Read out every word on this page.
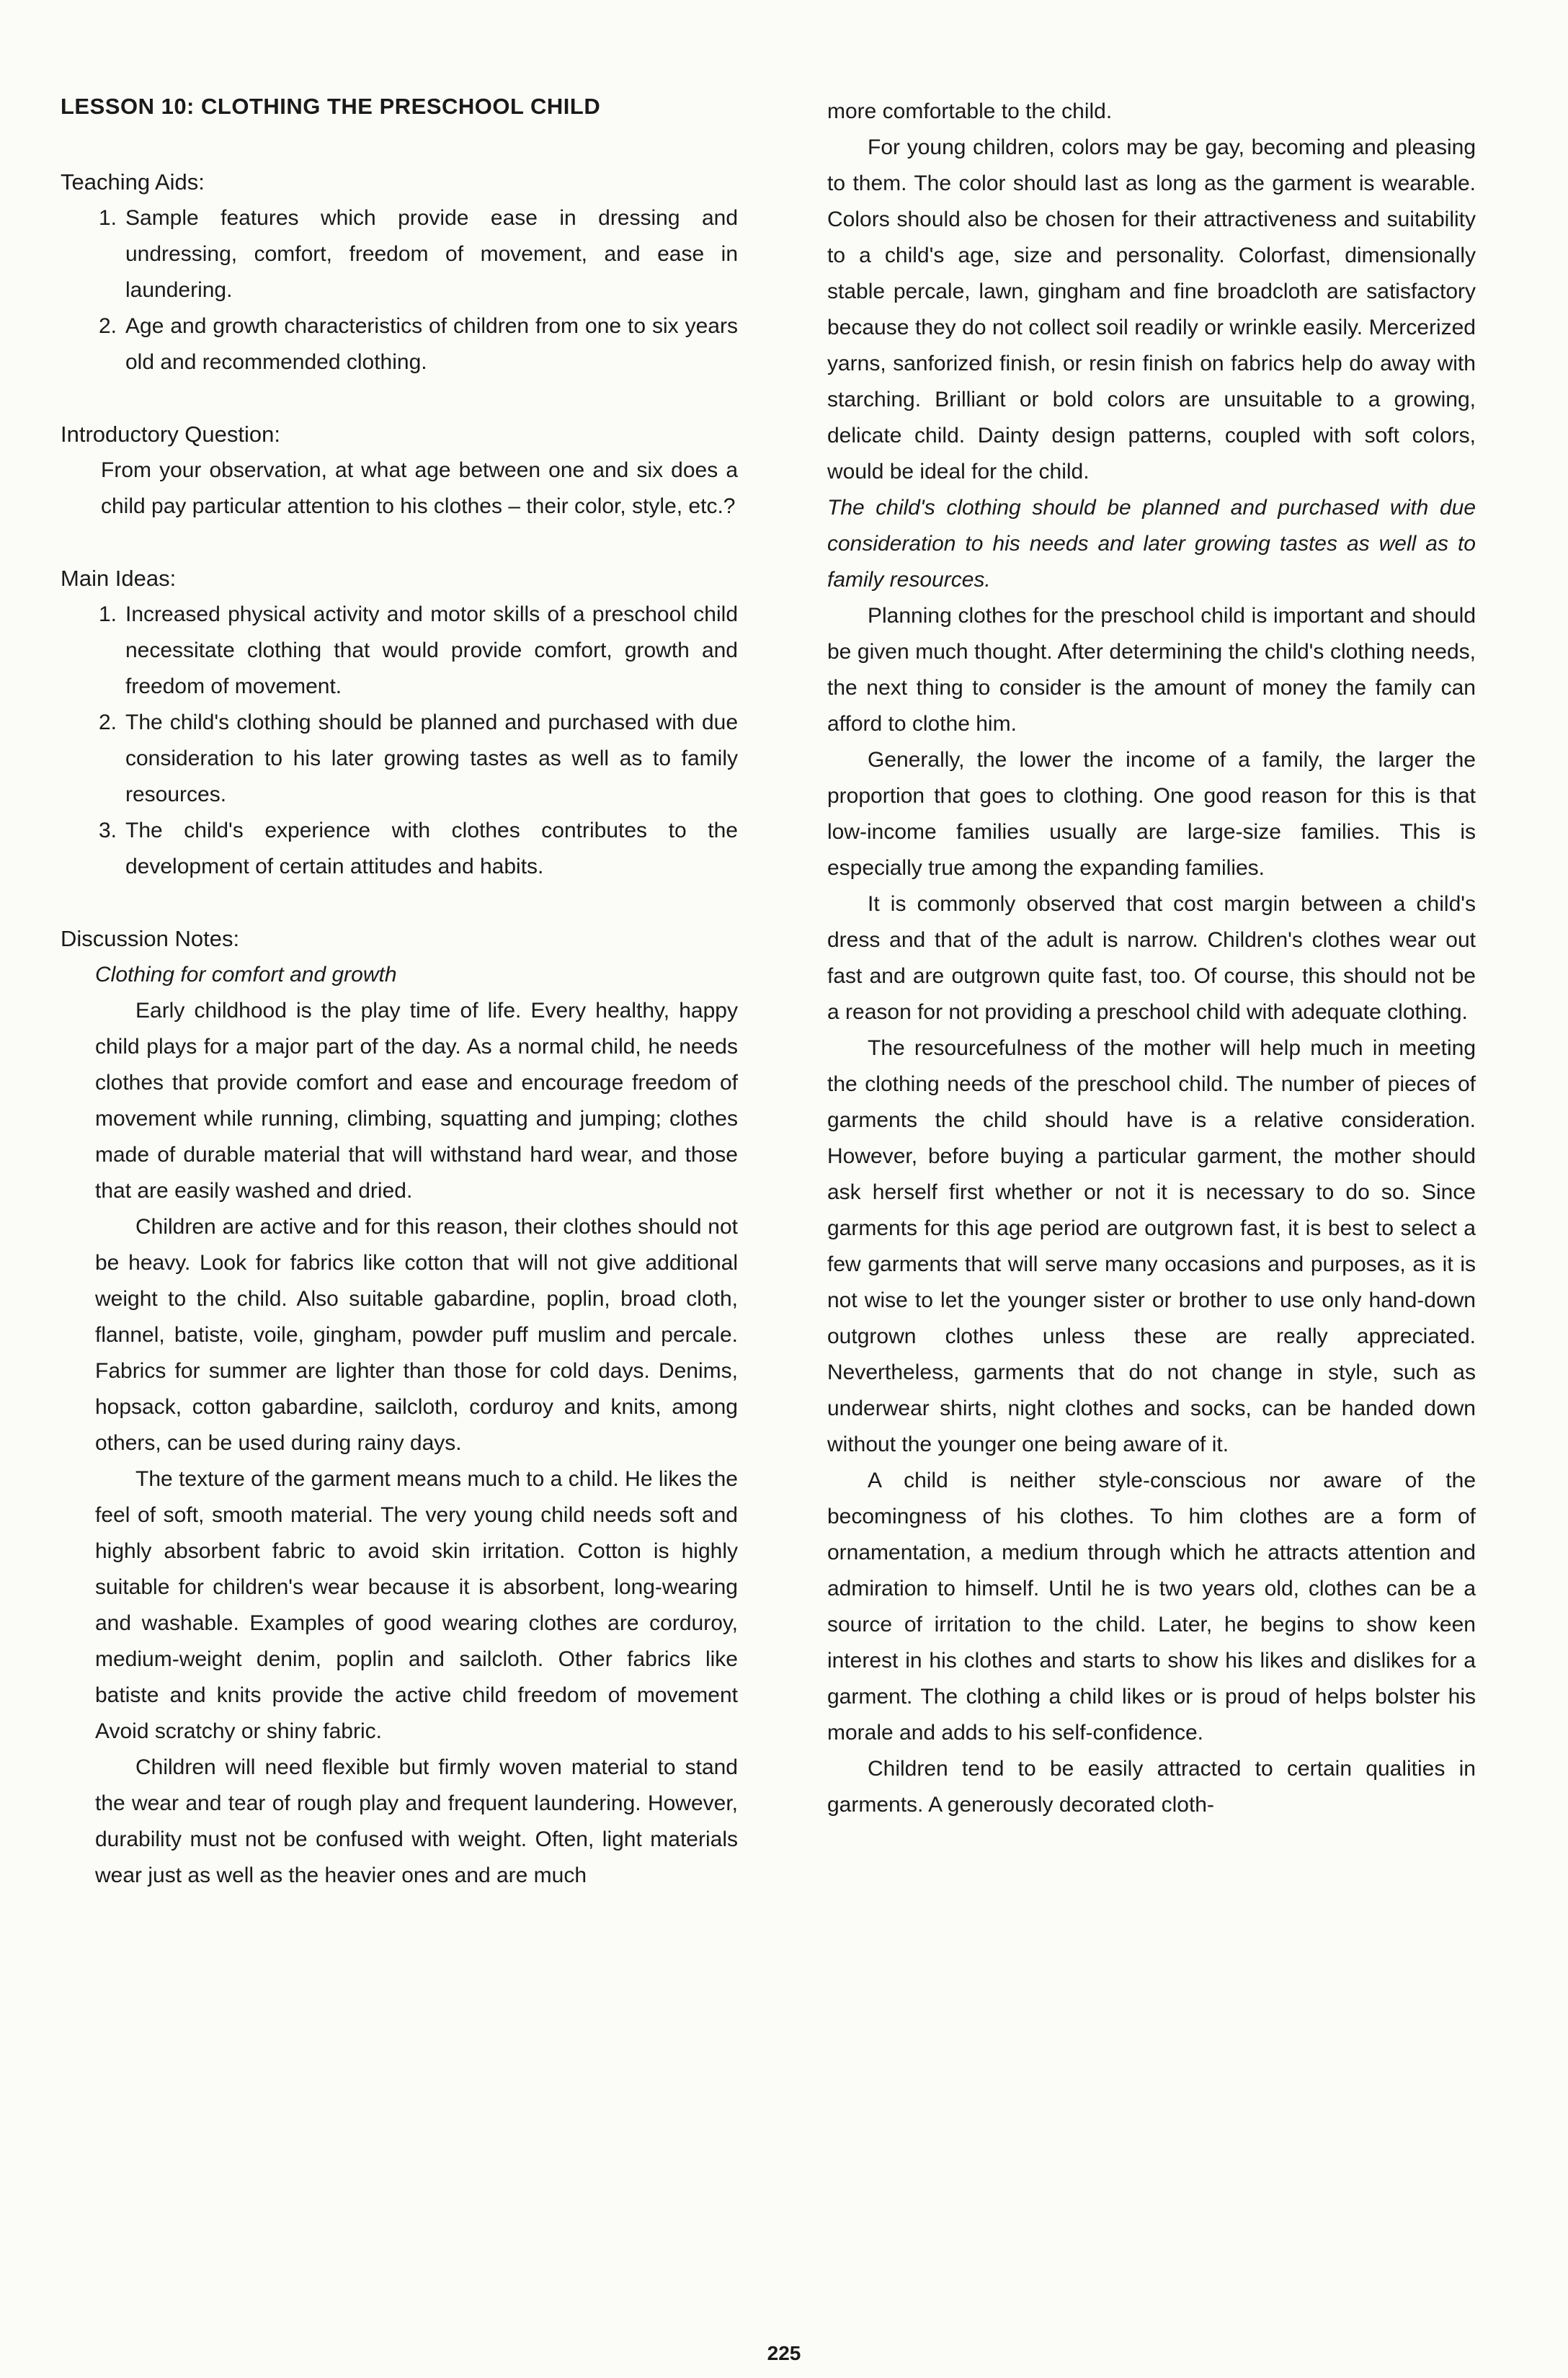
LESSON 10: CLOTHING THE PRESCHOOL CHILD

Teaching Aids:

1. Sample features which provide ease in dressing and undressing, comfort, freedom of movement, and ease in laundering.
2. Age and growth characteristics of children from one to six years old and recommended clothing.

Introductory Question:

From your observation, at what age between one and six does a child pay particular attention to his clothes – their color, style, etc.?

Main Ideas:

1. Increased physical activity and motor skills of a preschool child necessitate clothing that would provide comfort, growth and freedom of movement.
2. The child's clothing should be planned and purchased with due consideration to his later growing tastes as well as to family resources.
3. The child's experience with clothes contributes to the development of certain attitudes and habits.

Discussion Notes:

Clothing for comfort and growth

Early childhood is the play time of life. Every healthy, happy child plays for a major part of the day. As a normal child, he needs clothes that provide comfort and ease and encourage freedom of movement while running, climbing, squatting and jumping; clothes made of durable material that will withstand hard wear, and those that are easily washed and dried.

Children are active and for this reason, their clothes should not be heavy. Look for fabrics like cotton that will not give additional weight to the child. Also suitable gabardine, poplin, broad cloth, flannel, batiste, voile, gingham, powder puff muslim and percale. Fabrics for summer are lighter than those for cold days. Denims, hopsack, cotton gabardine, sailcloth, corduroy and knits, among others, can be used during rainy days.

The texture of the garment means much to a child. He likes the feel of soft, smooth material. The very young child needs soft and highly absorbent fabric to avoid skin irritation. Cotton is highly suitable for children's wear because it is absorbent, long-wearing and washable. Examples of good wearing clothes are corduroy, medium-weight denim, poplin and sailcloth. Other fabrics like batiste and knits provide the active child freedom of movement Avoid scratchy or shiny fabric.

Children will need flexible but firmly woven material to stand the wear and tear of rough play and frequent laundering. However, durability must not be confused with weight. Often, light materials wear just as well as the heavier ones and are much

more comfortable to the child.

For young children, colors may be gay, becoming and pleasing to them. The color should last as long as the garment is wearable. Colors should also be chosen for their attractiveness and suitability to a child's age, size and personality. Colorfast, dimensionally stable percale, lawn, gingham and fine broadcloth are satisfactory because they do not collect soil readily or wrinkle easily. Mercerized yarns, sanforized finish, or resin finish on fabrics help do away with starching. Brilliant or bold colors are unsuitable to a growing, delicate child. Dainty design patterns, coupled with soft colors, would be ideal for the child.

The child's clothing should be planned and purchased with due consideration to his needs and later growing tastes as well as to family resources.

Planning clothes for the preschool child is important and should be given much thought. After determining the child's clothing needs, the next thing to consider is the amount of money the family can afford to clothe him.

Generally, the lower the income of a family, the larger the proportion that goes to clothing. One good reason for this is that low-income families usually are large-size families. This is especially true among the expanding families.

It is commonly observed that cost margin between a child's dress and that of the adult is narrow. Children's clothes wear out fast and are outgrown quite fast, too. Of course, this should not be a reason for not providing a preschool child with adequate clothing.

The resourcefulness of the mother will help much in meeting the clothing needs of the preschool child. The number of pieces of garments the child should have is a relative consideration. However, before buying a particular garment, the mother should ask herself first whether or not it is necessary to do so. Since garments for this age period are outgrown fast, it is best to select a few garments that will serve many occasions and purposes, as it is not wise to let the younger sister or brother to use only hand-down outgrown clothes unless these are really appreciated. Nevertheless, garments that do not change in style, such as underwear shirts, night clothes and socks, can be handed down without the younger one being aware of it.

A child is neither style-conscious nor aware of the becomingness of his clothes. To him clothes are a form of ornamentation, a medium through which he attracts attention and admiration to himself. Until he is two years old, clothes can be a source of irritation to the child. Later, he begins to show keen interest in his clothes and starts to show his likes and dislikes for a garment. The clothing a child likes or is proud of helps bolster his morale and adds to his self-confidence.

Children tend to be easily attracted to certain qualities in garments. A generously decorated cloth-

225
